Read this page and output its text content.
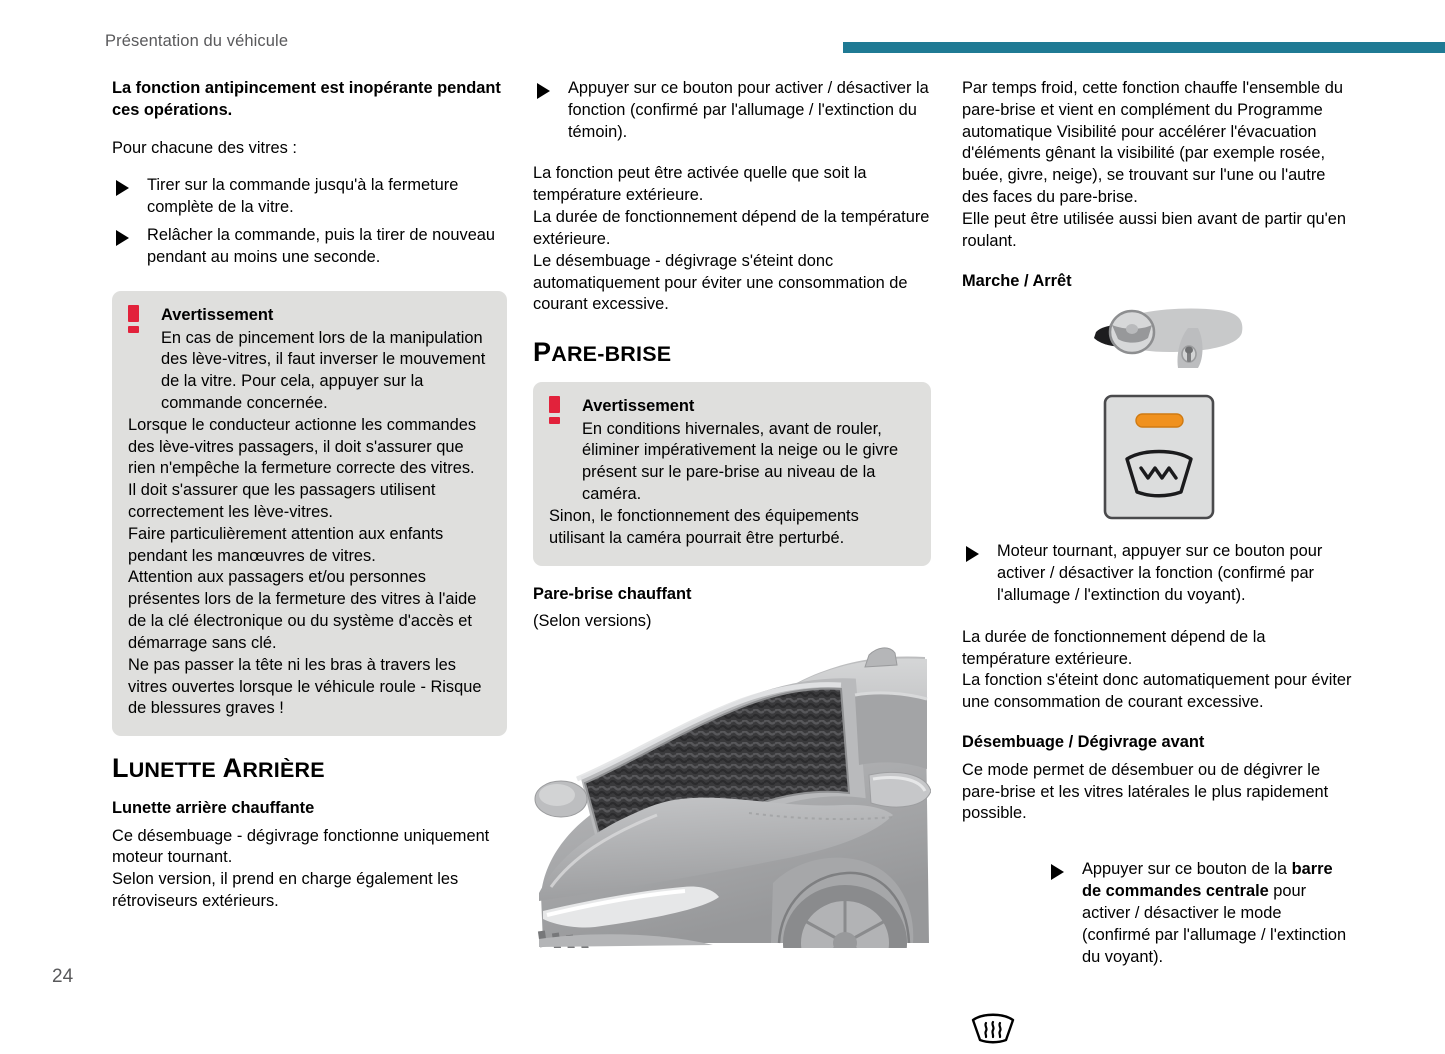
Présentation du véhicule

La fonction antipincement est inopérante pendant ces opérations.

Pour chacune des vitres :

Tirer sur la commande jusqu'à la fermeture complète de la vitre.
Relâcher la commande, puis la tirer de nouveau pendant au moins une seconde.
Avertissement

En cas de pincement lors de la manipulation des lève-vitres, il faut inverser le mouvement de la vitre. Pour cela, appuyer sur la commande concernée.

Lorsque le conducteur actionne les commandes des lève-vitres passagers, il doit s'assurer que rien n'empêche la fermeture correcte des vitres.

Il doit s'assurer que les passagers utilisent correctement les lève-vitres.

Faire particulièrement attention aux enfants pendant les manœuvres de vitres.

Attention aux passagers et/ou personnes présentes lors de la fermeture des vitres à l'aide de la clé électronique ou du système d'accès et démarrage sans clé.

Ne pas passer la tête ni les bras à travers les vitres ouvertes lorsque le véhicule roule - Risque de blessures graves !

LUNETTE ARRIÈRE

Lunette arrière chauffante

Ce désembuage - dégivrage fonctionne uniquement moteur tournant.

Selon version, il prend en charge également les rétroviseurs extérieurs.

Appuyer sur ce bouton pour activer / désactiver la fonction (confirmé par l'allumage / l'extinction du témoin).

La fonction peut être activée quelle que soit la température extérieure.

La durée de fonctionnement dépend de la température extérieure.

Le désembuage - dégivrage s'éteint donc automatiquement pour éviter une consommation de courant excessive.

PARE-BRISE
Avertissement

En conditions hivernales, avant de rouler, éliminer impérativement la neige ou le givre présent sur le pare-brise au niveau de la caméra.

Sinon, le fonctionnement des équipements utilisant la caméra pourrait être perturbé.

Pare-brise chauffant

(Selon versions)

Par temps froid, cette fonction chauffe l'ensemble du pare-brise et vient en complément du Programme automatique Visibilité pour accélérer l'évacuation d'éléments gênant la visibilité (par exemple rosée, buée, givre, neige), se trouvant sur l'une ou l'autre des faces du pare-brise.

Elle peut être utilisée aussi bien avant de partir qu'en roulant.

Marche / Arrêt

Moteur tournant, appuyer sur ce bouton pour activer / désactiver la fonction (confirmé par l'allumage / l'extinction du voyant).

La durée de fonctionnement dépend de la température extérieure.

La fonction s'éteint donc automatiquement pour éviter une consommation de courant excessive.

Désembuage / Dégivrage avant

Ce mode permet de désembuer ou de dégivrer le pare-brise et les vitres latérales le plus rapidement possible.

Appuyer sur ce bouton de la barre de commandes centrale pour activer / désactiver le mode (confirmé par l'allumage / l'extinction du voyant).
24
